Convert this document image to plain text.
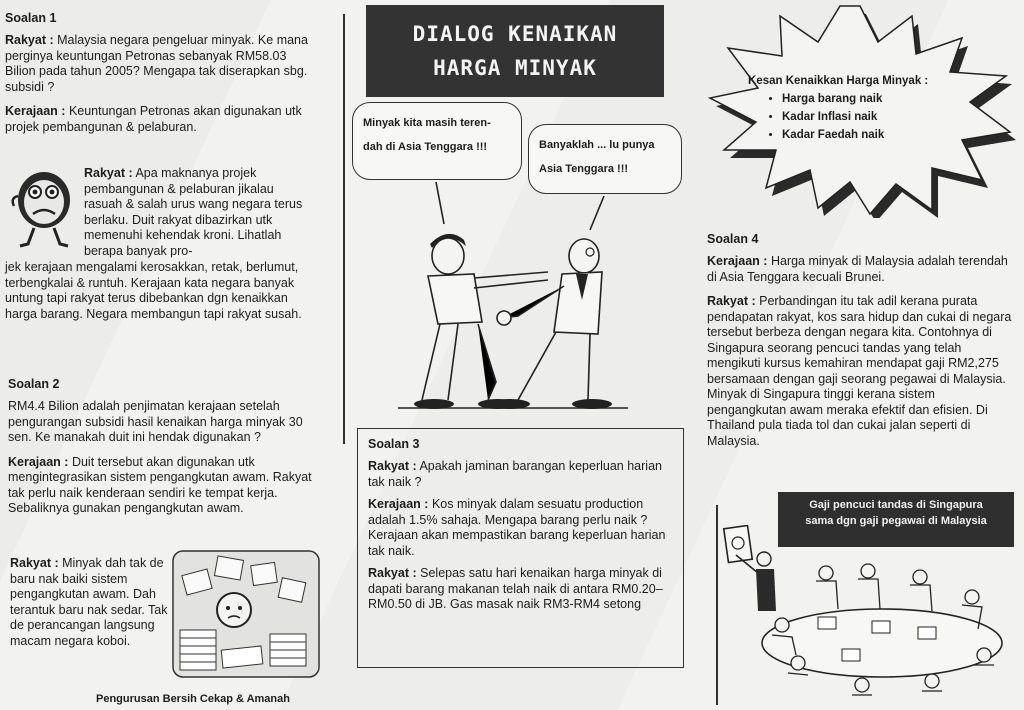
Soalan 1

Rakyat : Malaysia negara pengeluar minyak. Ke mana perginya keuntungan Petronas sebanyak RM58.03 Bilion pada tahun 2005? Mengapa tak diserapkan sbg. subsidi ?

Kerajaan : Keuntungan Petronas akan digunakan utk projek pembangunan & pelaburan.

Rakyat : Apa maknanya projek pembangunan & pelaburan jikalau rasuah & salah urus wang negara terus berlaku. Duit rakyat dibazirkan utk memenuhi kehendak kroni. Lihatlah berapa banyak pro-

jek kerajaan mengalami kerosakkan, retak, berlumut, terbengkalai & runtuh. Kerajaan kata negara banyak untung tapi rakyat terus dibebankan dgn kenaikkan harga barang. Negara membangun tapi rakyat susah.

Soalan 2

RM4.4 Bilion adalah penjimatan kerajaan setelah pengurangan subsidi hasil kenaikan harga minyak 30 sen. Ke manakah duit ini hendak digunakan ?

Kerajaan : Duit tersebut akan digunakan utk mengintegrasikan sistem pengangkutan awam. Rakyat tak perlu naik kenderaan sendiri ke tempat kerja. Sebaliknya gunakan pengangkutan awam.

Rakyat : Minyak dah tak de baru nak baiki sistem pengangkutan awam. Dah terantuk baru nak sedar. Tak de perancangan langsung macam negara koboi.

Pengurusan Bersih Cekap & Amanah
DIALOG KENAIKAN
HARGA MINYAK
Minyak kita masih teren-
dah di Asia Tenggara !!!	Banyaklah ... lu punya
Asia Tenggara !!!
Soalan 3

Rakyat : Apakah jaminan barangan keperluan harian tak naik ?

Kerajaan : Kos minyak dalam sesuatu production adalah 1.5% sahaja. Mengapa barang perlu naik ? Kerajaan akan mempastikan barang keperluan harian tak naik.

Rakyat : Selepas satu hari kenaikan harga minyak di dapati barang makanan telah naik di antara RM0.20– RM0.50 di JB. Gas masak naik RM3-RM4 setong

Kesan Kenaikkan Harga Minyak :
• Harga barang naik
• Kadar Inflasi naik
• Kadar Faedah naik
Soalan 4

Kerajaan : Harga minyak di Malaysia adalah terendah di Asia Tenggara kecuali Brunei.

Rakyat : Perbandingan itu tak adil kerana purata pendapatan rakyat, kos sara hidup dan cukai di negara tersebut berbeza dengan negara kita. Contohnya di Singapura seorang pencuci tandas yang telah mengikuti kursus kemahiran mendapat gaji RM2,275 bersamaan dengan gaji seorang pegawai di Malaysia. Minyak di Singapura tinggi kerana sistem pengangkutan awam meraka efektif dan efisien. Di Thailand pula tiada tol dan cukai jalan seperti di Malaysia.

Gaji pencuci tandas di Singapura
sama dgn gaji pegawai di Malaysia
